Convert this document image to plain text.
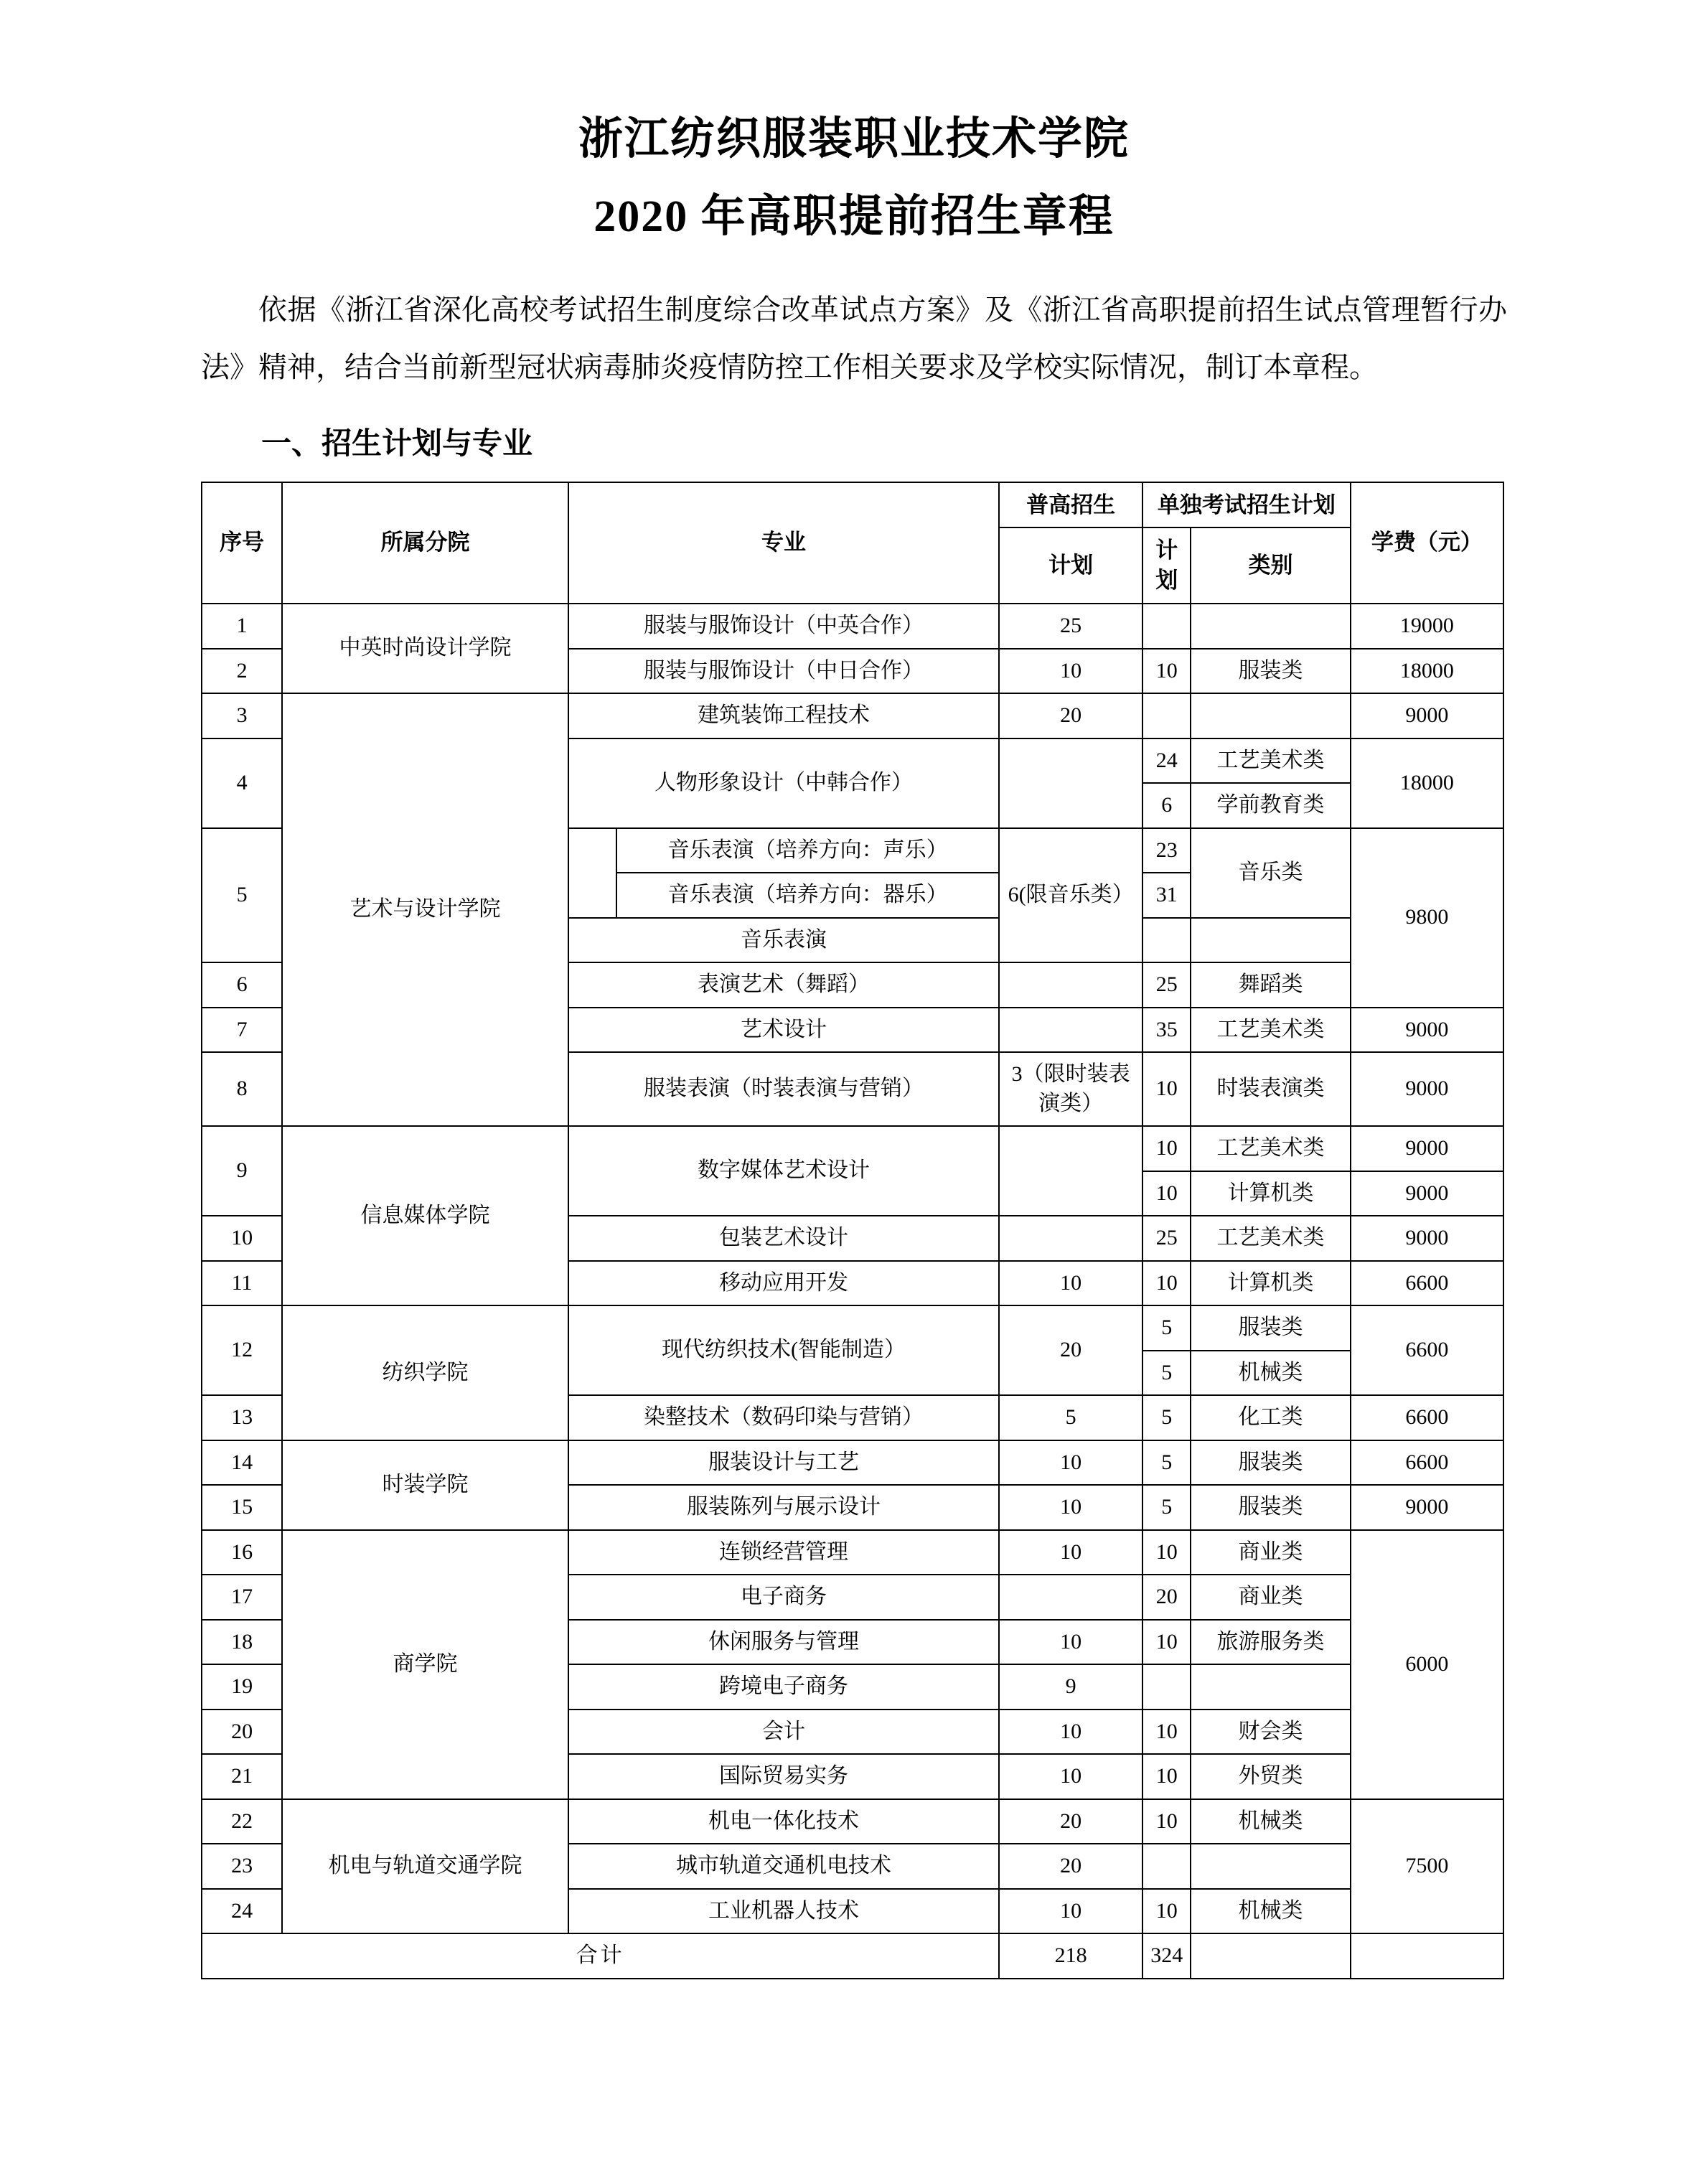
浙江纺织服装职业技术学院
2020 年高职提前招生章程

依据《浙江省深化高校考试招生制度综合改革试点方案》及《浙江省高职提前招生试点管理暂行办法》精神，结合当前新型冠状病毒肺炎疫情防控工作相关要求及学校实际情况，制订本章程。

一、招生计划与专业
序号	所属分院	专业		普高招生	单独考试招生计划		学费（元）
				计划	计划	类别	
1	中英时尚设计学院	服装与服饰设计（中英合作）		25			19000
2		服装与服饰设计（中日合作）		10	10	服装类	18000
3	艺术与设计学院	建筑装饰工程技术		20			9000
4		人物形象设计（中韩合作）			24	工艺美术类	18000
					6	学前教育类	
5			音乐表演（培养方向：声乐）	6(限音乐类）	23	音乐类	9800
			音乐表演（培养方向：器乐）		31		
		音乐表演					
6		表演艺术（舞蹈）			25	舞蹈类	
7		艺术设计			35	工艺美术类	9000
8		服装表演（时装表演与营销）		3（限时装表演类）	10	时装表演类	9000
9	信息媒体学院	数字媒体艺术设计			10	工艺美术类	9000
					10	计算机类	9000
10		包装艺术设计			25	工艺美术类	9000
11		移动应用开发		10	10	计算机类	6600
12	纺织学院	现代纺织技术(智能制造）		20	5	服装类	6600
					5	机械类	
13		染整技术（数码印染与营销）		5	5	化工类	6600
14	时装学院	服装设计与工艺		10	5	服装类	6600
15		服装陈列与展示设计		10	5	服装类	9000
16	商学院	连锁经营管理		10	10	商业类	6000
17		电子商务			20	商业类	
18		休闲服务与管理		10	10	旅游服务类	
19		跨境电子商务		9			
20		会计		10	10	财会类	
21		国际贸易实务		10	10	外贸类	
22	机电与轨道交通学院	机电一体化技术		20	10	机械类	7500
23		城市轨道交通机电技术		20			
24		工业机器人技术		10	10	机械类	
合计				218	324		
